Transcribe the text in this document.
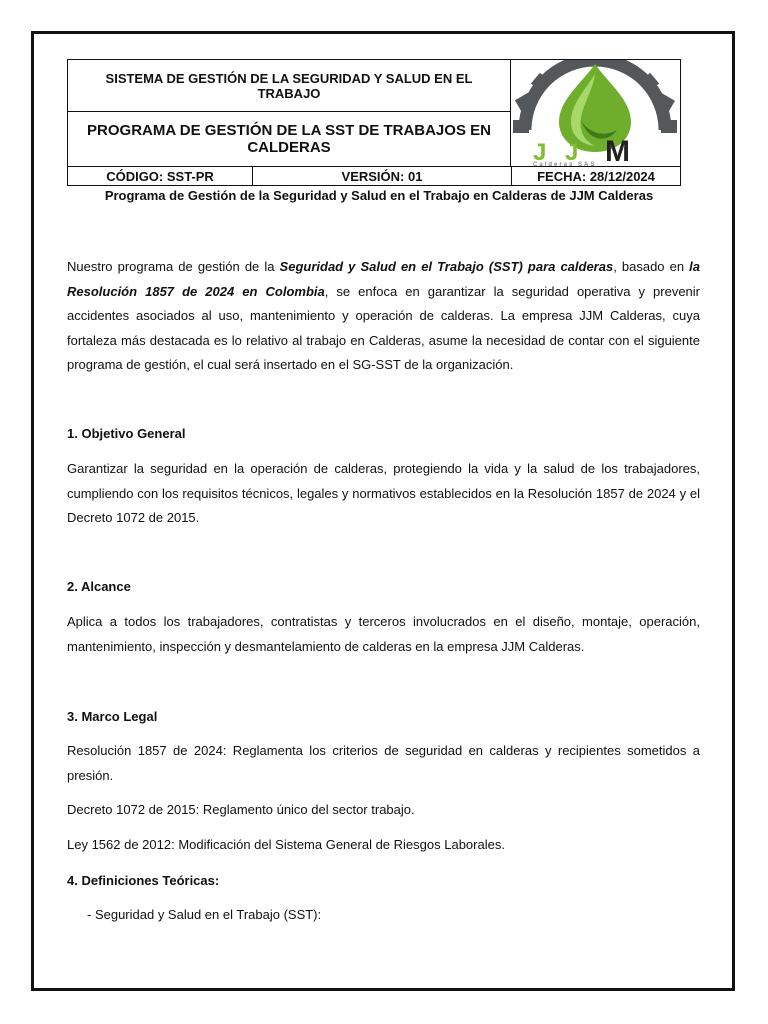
SISTEMA DE GESTIÓN DE LA SEGURIDAD Y SALUD EN EL TRABAJO
PROGRAMA DE GESTIÓN DE LA SST DE TRABAJOS EN CALDERAS	J J M
Calderas SAS
CÓDIGO: SST-PR	VERSIÓN: 01	FECHA: 28/12/2024
Programa de Gestión de la Seguridad y Salud en el Trabajo en Calderas de JJM Calderas

Nuestro programa de gestión de la Seguridad y Salud en el Trabajo (SST) para calderas, basado en la Resolución 1857 de 2024 en Colombia, se enfoca en garantizar la seguridad operativa y prevenir accidentes asociados al uso, mantenimiento y operación de calderas. La empresa JJM Calderas, cuya fortaleza más destacada es lo relativo al trabajo en Calderas, asume la necesidad de contar con el siguiente programa de gestión, el cual será insertado en el SG-SST de la organización.

1. Objetivo General

Garantizar la seguridad en la operación de calderas, protegiendo la vida y la salud de los trabajadores, cumpliendo con los requisitos técnicos, legales y normativos establecidos en la Resolución 1857 de 2024 y el Decreto 1072 de 2015.

2. Alcance

Aplica a todos los trabajadores, contratistas y terceros involucrados en el diseño, montaje, operación, mantenimiento, inspección y desmantelamiento de calderas en la empresa JJM Calderas.

3. Marco Legal

Resolución 1857 de 2024: Reglamenta los criterios de seguridad en calderas y recipientes sometidos a presión.

Decreto 1072 de 2015: Reglamento único del sector trabajo.

Ley 1562 de 2012: Modificación del Sistema General de Riesgos Laborales.

4. Definiciones Teóricas:

- Seguridad y Salud en el Trabajo (SST):
